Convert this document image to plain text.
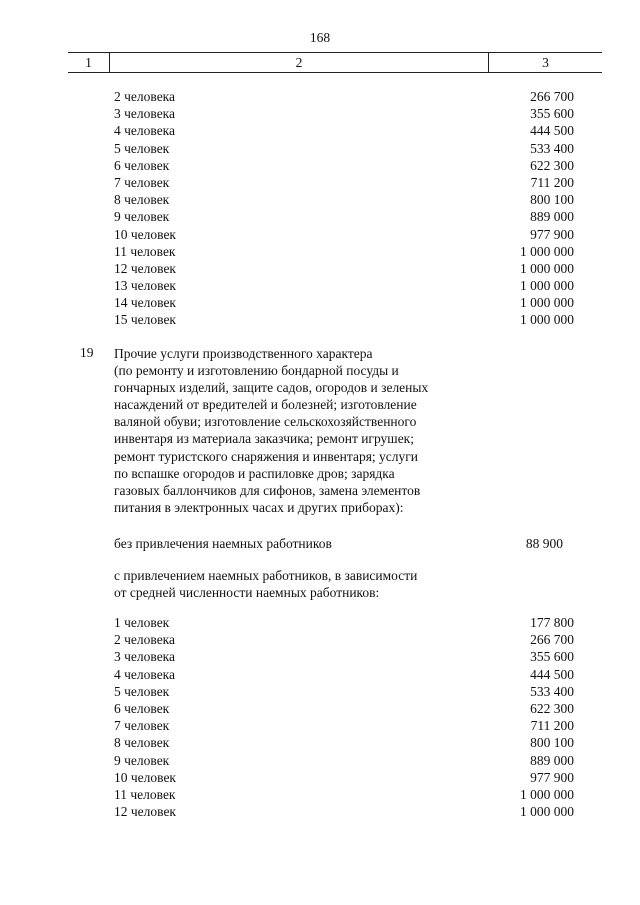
168
1	2	3
2 человека	266 700
3 человека	355 600
4 человека	444 500
5 человек	533 400
6 человек	622 300
7 человек	711 200
8 человек	800 100
9 человек	889 000
10 человек	977 900
11 человек	1 000 000
12 человек	1 000 000
13 человек	1 000 000
14 человек	1 000 000
15 человек	1 000 000
19 Прочие услуги производственного характера
(по ремонту и изготовлению бондарной посуды и
гончарных изделий, защите садов, огородов и зеленых
насаждений от вредителей и болезней; изготовление
валяной обуви; изготовление сельскохозяйственного
инвентаря из материала заказчика; ремонт игрушек;
ремонт туристского снаряжения и инвентаря; услуги
по вспашке огородов и распиловке дров; зарядка
газовых баллончиков для сифонов, замена элементов
питания в электронных часах и других приборах):
без привлечения наемных работников	88 900
с привлечением наемных работников, в зависимости
от средней численности наемных работников:
1 человек	177 800
2 человека	266 700
3 человека	355 600
4 человека	444 500
5 человек	533 400
6 человек	622 300
7 человек	711 200
8 человек	800 100
9 человек	889 000
10 человек	977 900
11 человек	1 000 000
12 человек	1 000 000
